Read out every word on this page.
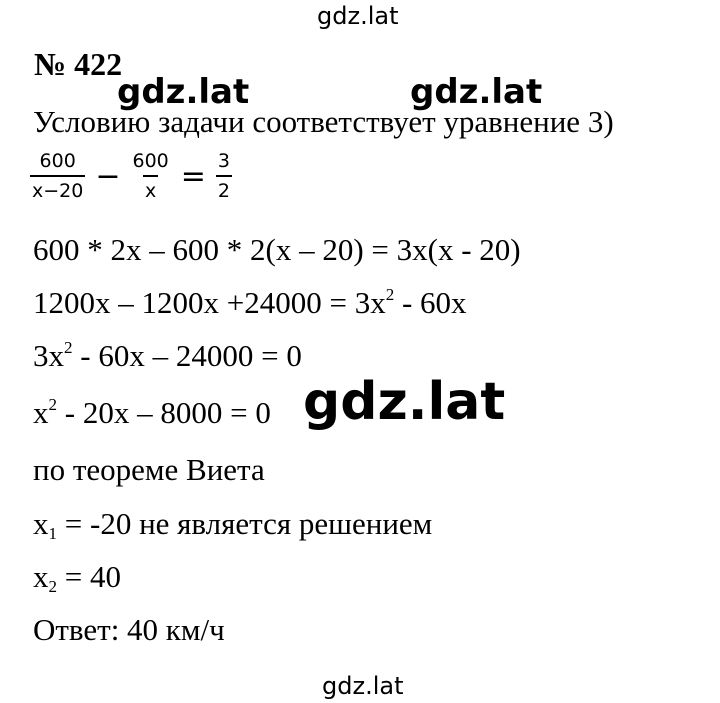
gdz.lat
№ 422
gdz.lat	gdz.lat
Условию задачи соответствует уравнение 3)
$\frac{600}{x-20} - \frac{600}{x} = \frac{3}{2}$
600 * 2x – 600 * 2(x – 20) = 3x(x - 20)
$1200x - 1200x +24000 = 3x^2 - 60x$
$3x^2 - 60x - 24000 = 0$
$x^2 - 20x - 8000 = 0$ gdz.lat
по теореме Виета
$x_1 = -20$ не является решением
$x_2 = 40$
Ответ: 40 км/ч
gdz.lat
